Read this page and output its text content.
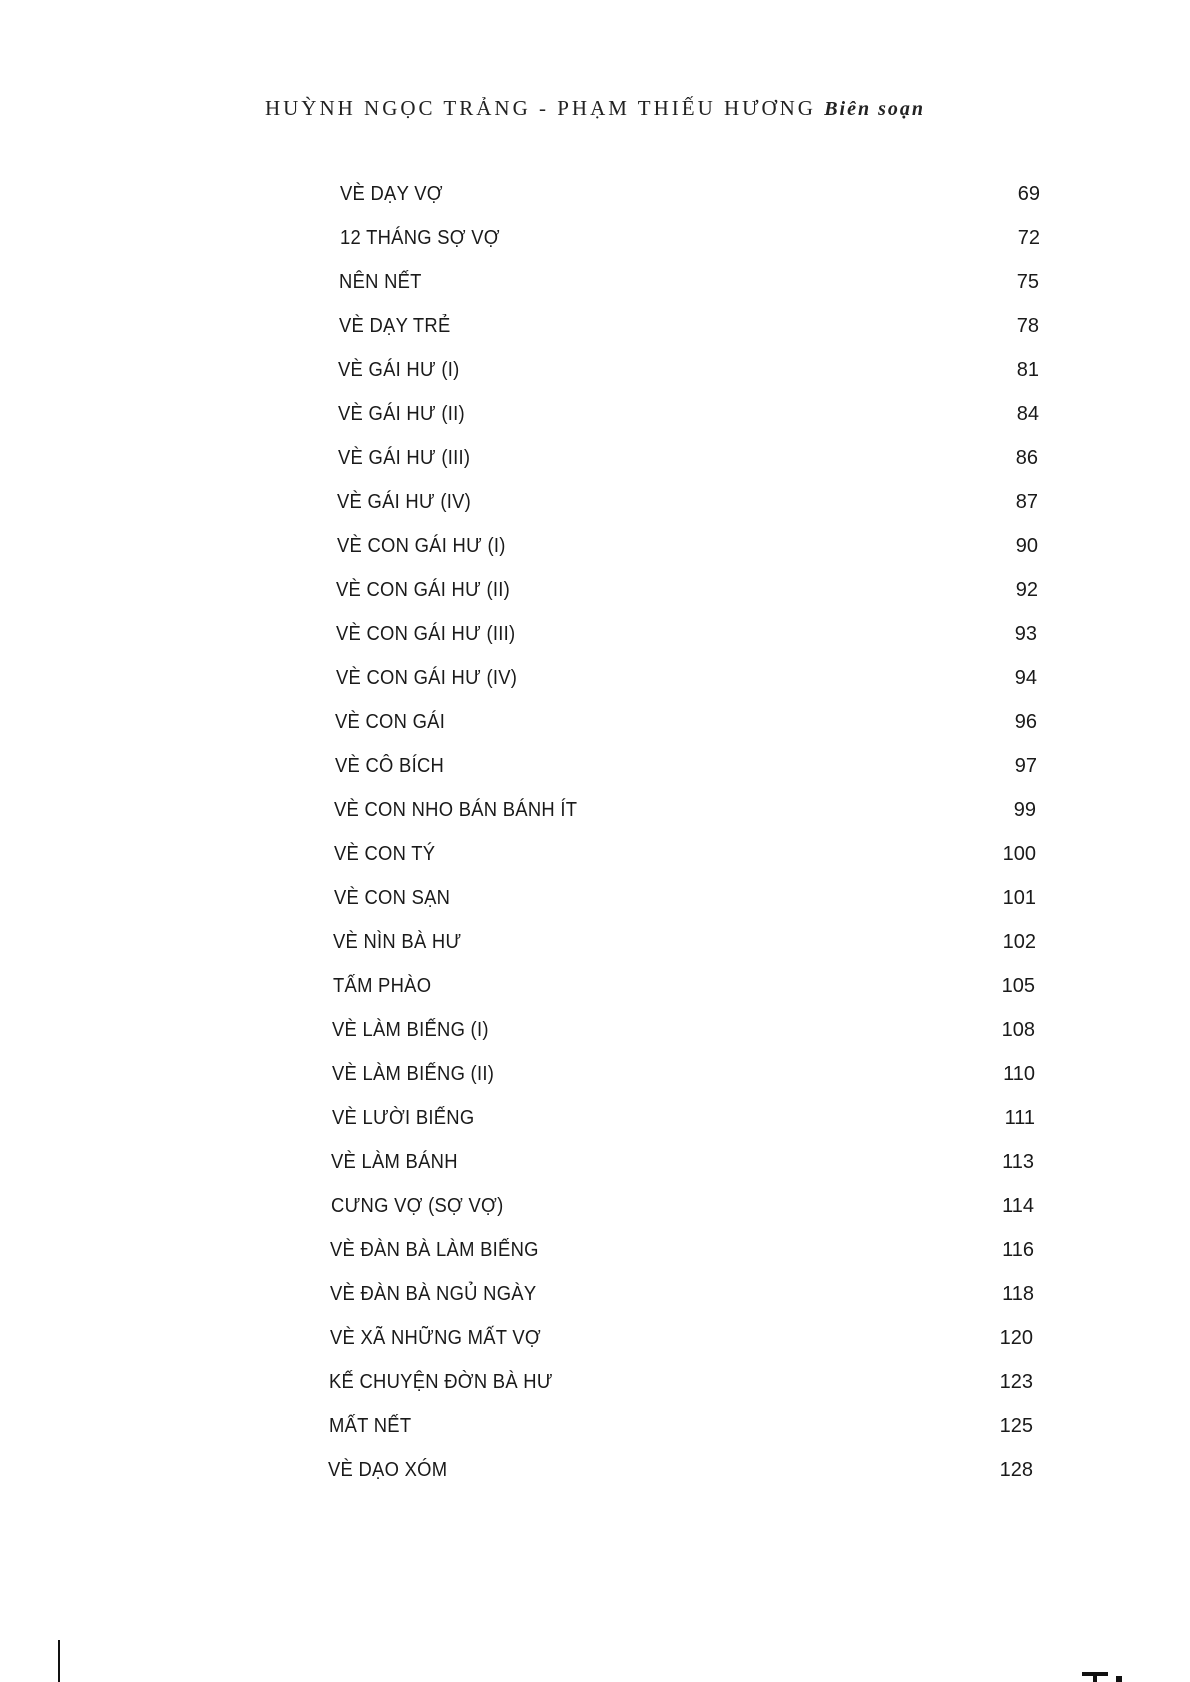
HUỲNH NGỌC TRẢNG - PHẠM THIẾU HƯƠNG Biên soạn
VÈ DẠY VỢ	69
12 THÁNG SỢ VỢ	72
NÊN NẾT	75
VÈ DẠY TRẺ	78
VÈ GÁI HƯ (I)	81
VÈ GÁI HƯ (II)	84
VÈ GÁI HƯ (III)	86
VÈ GÁI HƯ (IV)	87
VÈ CON GÁI HƯ (I)	90
VÈ CON GÁI HƯ (II)	92
VÈ CON GÁI HƯ (III)	93
VÈ CON GÁI HƯ (IV)	94
VÈ CON GÁI	96
VÈ CÔ BÍCH	97
VÈ CON NHO BÁN BÁNH ÍT	99
VÈ CON TÝ	100
VÈ CON SẠN	101
VÈ NÌN BÀ HƯ	102
TẤM PHÀO	105
VÈ LÀM BIẾNG (I)	108
VÈ LÀM BIẾNG (II)	110
VÈ LƯỜI BIẾNG	111
VÈ LÀM BÁNH	113
CƯNG VỢ (SỢ VỢ)	114
VÈ ĐÀN BÀ LÀM BIẾNG	116
VÈ ĐÀN BÀ NGỦ NGÀY	118
VÈ XÃ NHỮNG MẤT VỢ	120
KẾ CHUYỆN ĐỜN BÀ HƯ	123
MẤT NẾT	125
VÈ DẠO XÓM	128
